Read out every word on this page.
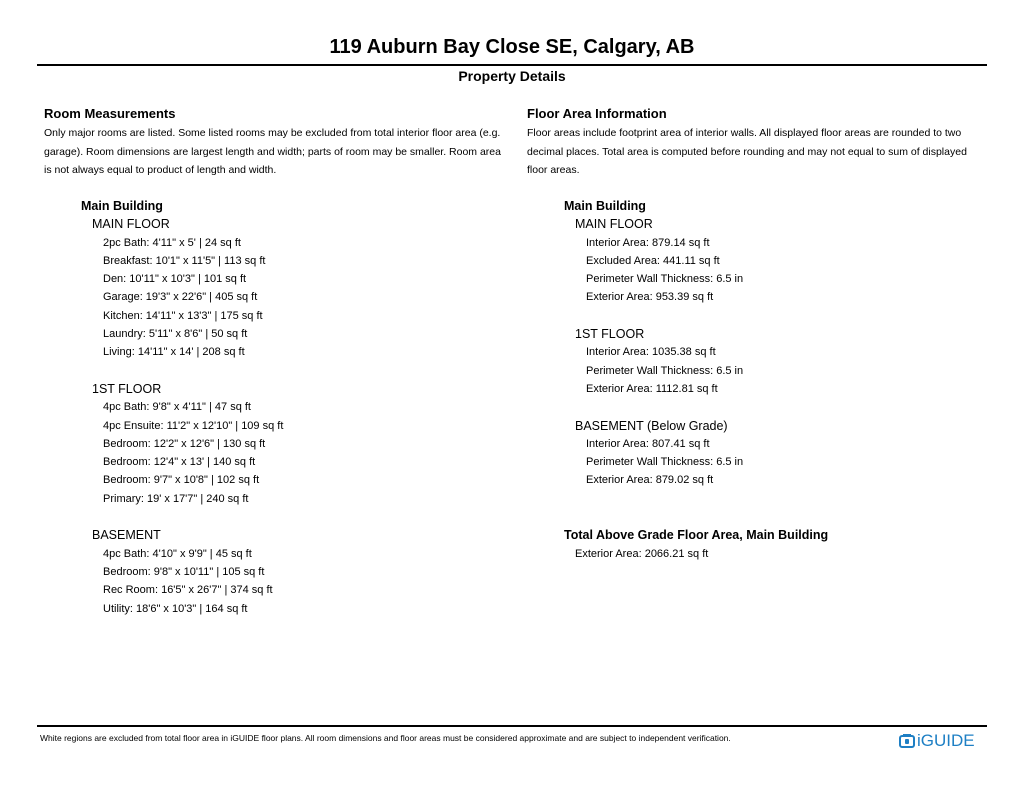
119 Auburn Bay Close SE, Calgary, AB
Property Details
Room Measurements
Only major rooms are listed. Some listed rooms may be excluded from total interior floor area (e.g. garage). Room dimensions are largest length and width; parts of room may be smaller. Room area is not always equal to product of length and width.
Main Building
MAIN FLOOR
2pc Bath: 4'11" x 5' | 24 sq ft
Breakfast: 10'1" x 11'5" | 113 sq ft
Den: 10'11" x 10'3" | 101 sq ft
Garage: 19'3" x 22'6" | 405 sq ft
Kitchen: 14'11" x 13'3" | 175 sq ft
Laundry: 5'11" x 8'6" | 50 sq ft
Living: 14'11" x 14' | 208 sq ft
1ST FLOOR
4pc Bath: 9'8" x 4'11" | 47 sq ft
4pc Ensuite: 11'2" x 12'10" | 109 sq ft
Bedroom: 12'2" x 12'6" | 130 sq ft
Bedroom: 12'4" x 13' | 140 sq ft
Bedroom: 9'7" x 10'8" | 102 sq ft
Primary: 19' x 17'7" | 240 sq ft
BASEMENT
4pc Bath: 4'10" x 9'9" | 45 sq ft
Bedroom: 9'8" x 10'11" | 105 sq ft
Rec Room: 16'5" x 26'7" | 374 sq ft
Utility: 18'6" x 10'3" | 164 sq ft
Floor Area Information
Floor areas include footprint area of interior walls. All displayed floor areas are rounded to two decimal places. Total area is computed before rounding and may not equal to sum of displayed floor areas.
Main Building
MAIN FLOOR
Interior Area: 879.14 sq ft
Excluded Area: 441.11 sq ft
Perimeter Wall Thickness: 6.5 in
Exterior Area: 953.39 sq ft
1ST FLOOR
Interior Area: 1035.38 sq ft
Perimeter Wall Thickness: 6.5 in
Exterior Area: 1112.81 sq ft
BASEMENT (Below Grade)
Interior Area: 807.41 sq ft
Perimeter Wall Thickness: 6.5 in
Exterior Area: 879.02 sq ft
Total Above Grade Floor Area, Main Building
Exterior Area: 2066.21 sq ft
White regions are excluded from total floor area in iGUIDE floor plans. All room dimensions and floor areas must be considered approximate and are subject to independent verification.	iGUIDE
